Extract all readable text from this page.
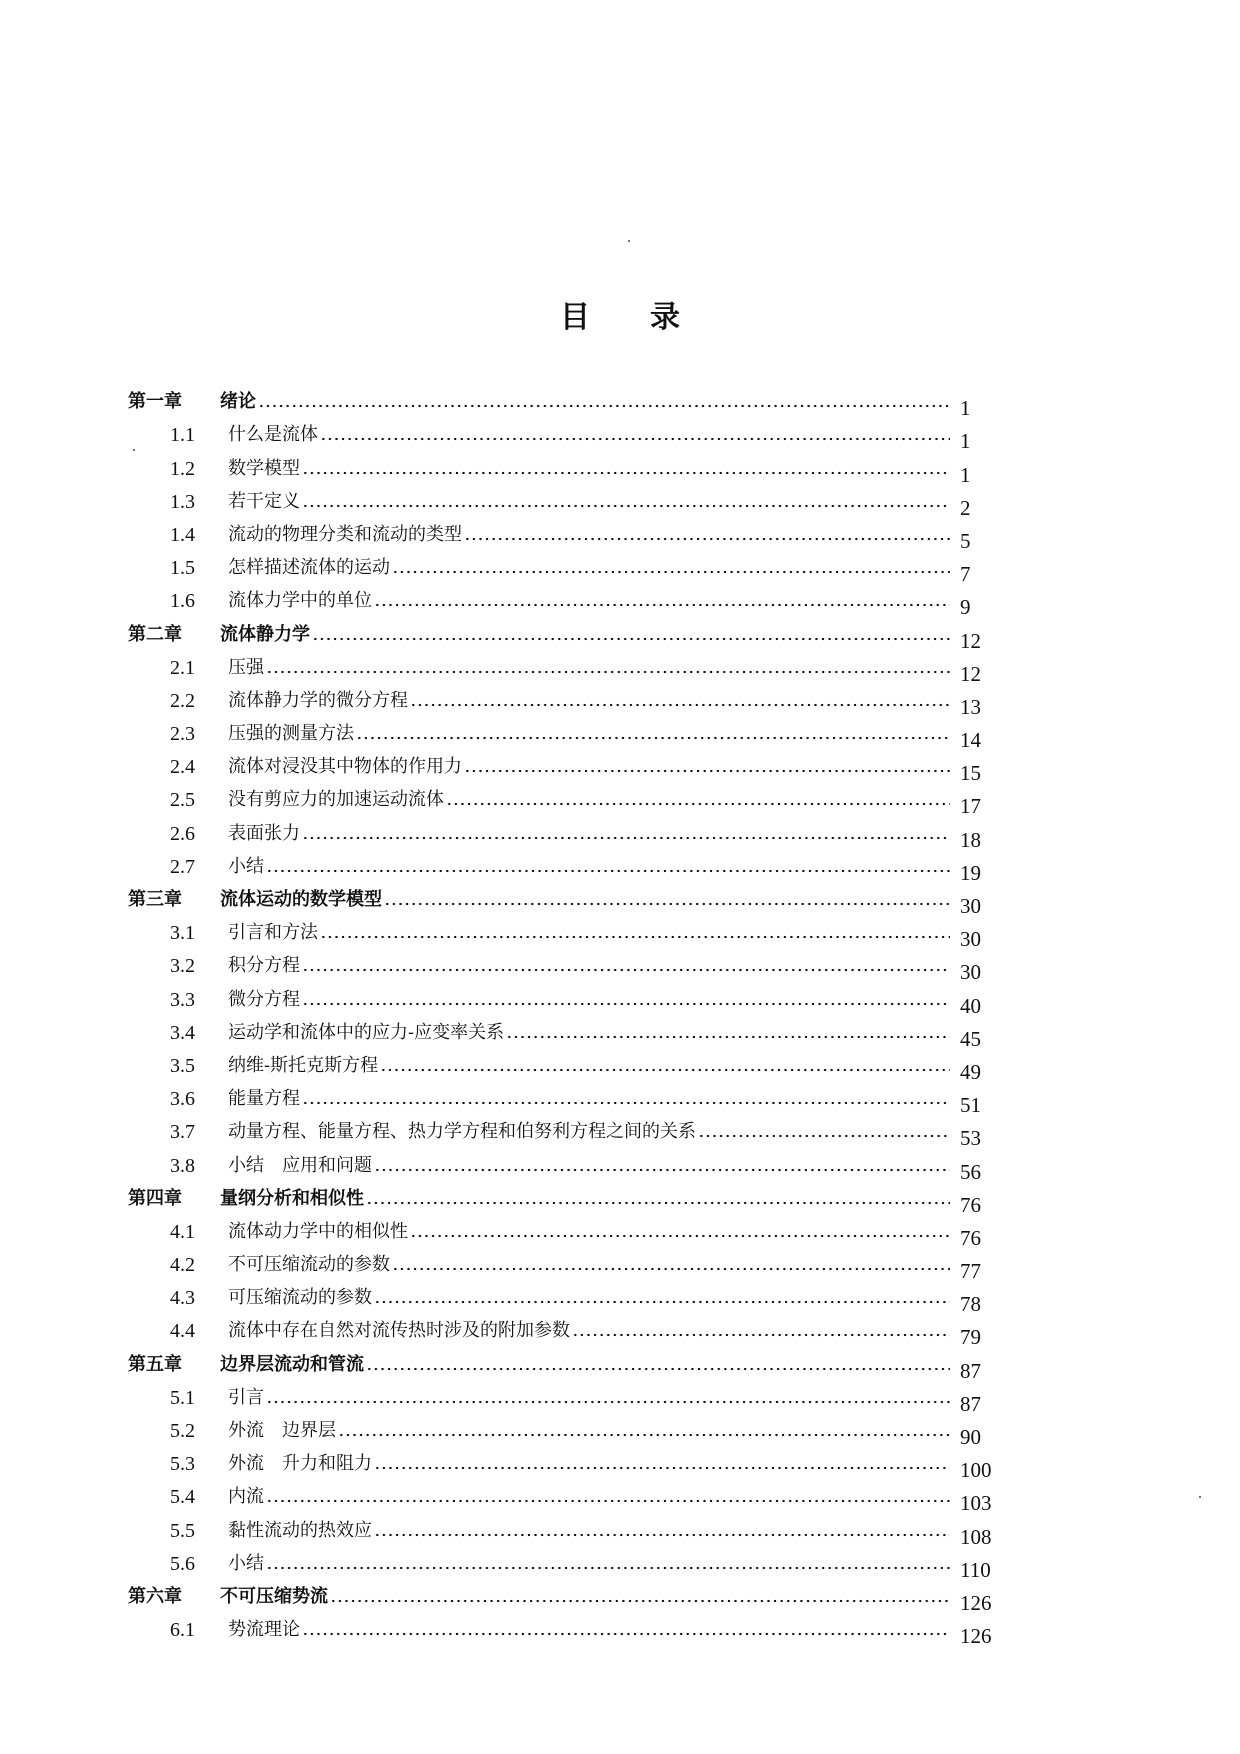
目 录
第一章	绪论	1
1.1	什么是流体	1
1.2	数学模型	1
1.3	若干定义	2
1.4	流动的物理分类和流动的类型	5
1.5	怎样描述流体的运动	7
1.6	流体力学中的单位	9
第二章	流体静力学	12
2.1	压强	12
2.2	流体静力学的微分方程	13
2.3	压强的测量方法	14
2.4	流体对浸没其中物体的作用力	15
2.5	没有剪应力的加速运动流体	17
2.6	表面张力	18
2.7	小结	19
第三章	流体运动的数学模型	30
3.1	引言和方法	30
3.2	积分方程	30
3.3	微分方程	40
3.4	运动学和流体中的应力-应变率关系	45
3.5	纳维-斯托克斯方程	49
3.6	能量方程	51
3.7	动量方程、能量方程、热力学方程和伯努利方程之间的关系	53
3.8	小结　应用和问题	56
第四章	量纲分析和相似性	76
4.1	流体动力学中的相似性	76
4.2	不可压缩流动的参数	77
4.3	可压缩流动的参数	78
4.4	流体中存在自然对流传热时涉及的附加参数	79
第五章	边界层流动和管流	87
5.1	引言	87
5.2	外流　边界层	90
5.3	外流　升力和阻力	100
5.4	内流	103
5.5	黏性流动的热效应	108
5.6	小结	110
第六章	不可压缩势流	126
6.1	势流理论	126
